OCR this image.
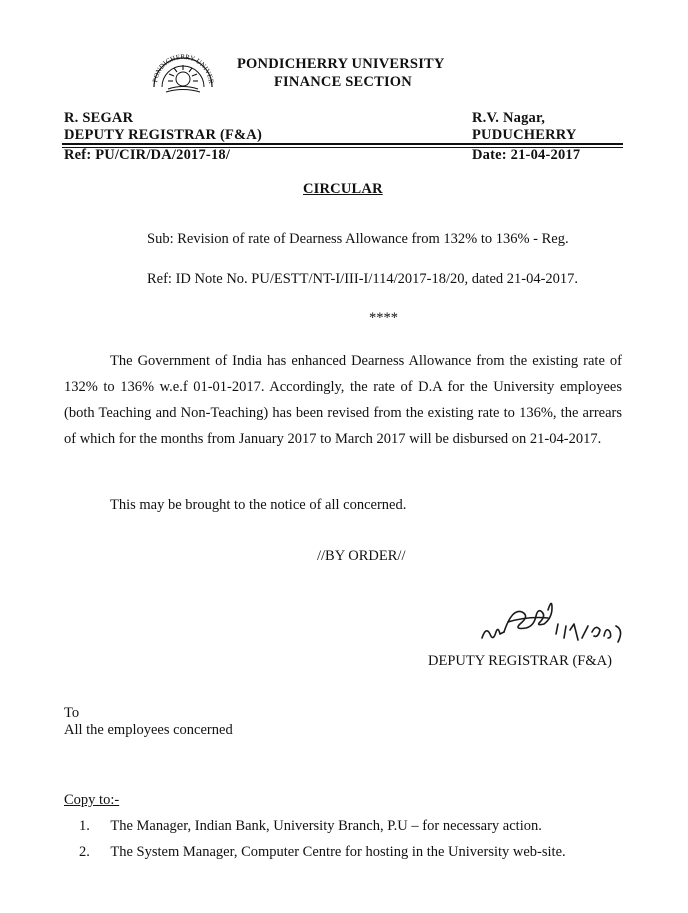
PONDICHERRY UNIVER
PONDICHERRY UNIVERSITY
FINANCE SECTION
R. SEGAR
DEPUTY REGISTRAR (F&A)
R.V. Nagar,
PUDUCHERRY
Ref: PU/CIR/DA/2017-18/	Date: 21-04-2017
CIRCULAR
Sub: Revision of rate of Dearness Allowance from 132% to 136% - Reg.
Ref: ID Note No. PU/ESTT/NT-I/III-I/114/2017-18/20, dated 21-04-2017.
****

The Government of India has enhanced Dearness Allowance from the existing rate of 132% to 136% w.e.f 01-01-2017. Accordingly, the rate of D.A for the University employees (both Teaching and Non-Teaching) has been revised from the existing rate to 136%, the arrears of which for the months from January 2017 to March 2017 will be disbursed on 21-04-2017.

This may be brought to the notice of all concerned.
//BY ORDER//
DEPUTY REGISTRAR (F&A)
To
All the employees concerned
Copy to:-
1. The Manager, Indian Bank, University Branch, P.U – for necessary action.
2. The System Manager, Computer Centre for hosting in the University web-site.
